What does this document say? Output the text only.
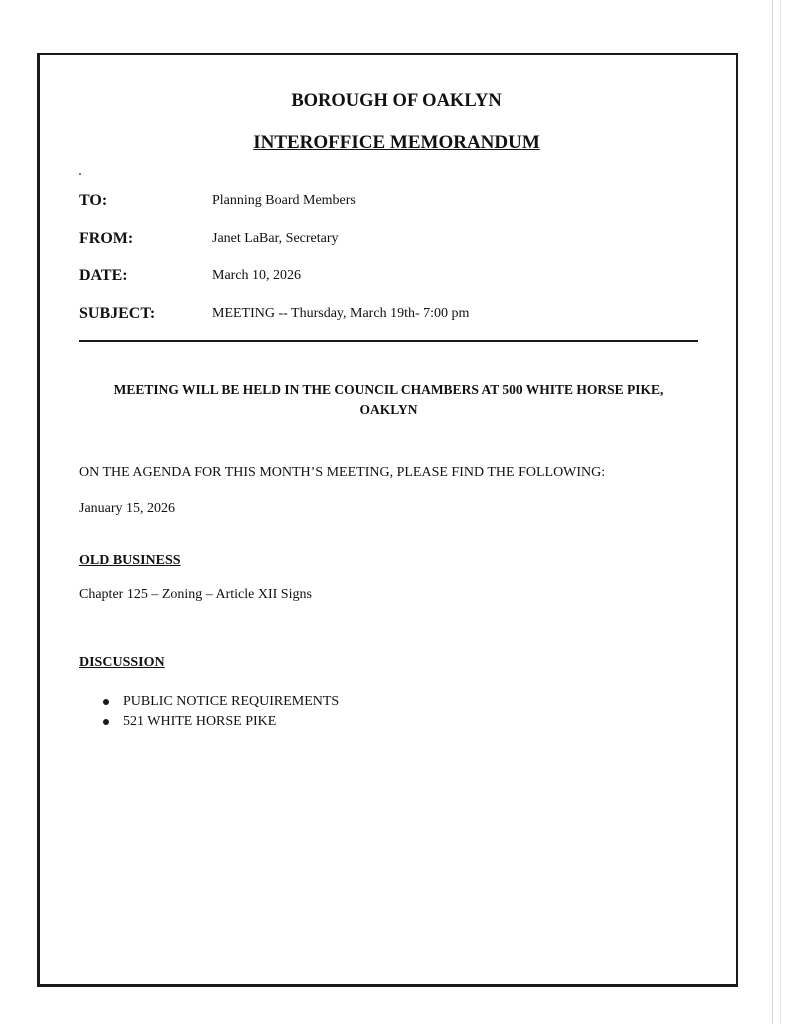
BOROUGH OF OAKLYN
INTEROFFICE MEMORANDUM
TO:	Planning Board Members
FROM:	Janet LaBar, Secretary
DATE:	March 10, 2026
SUBJECT:	MEETING -- Thursday, March 19th- 7:00 pm
MEETING WILL BE HELD IN THE COUNCIL CHAMBERS AT 500 WHITE HORSE PIKE,
OAKLYN
ON THE AGENDA FOR THIS MONTH’S MEETING, PLEASE FIND THE FOLLOWING:
January 15, 2026
OLD BUSINESS
Chapter 125 – Zoning – Article XII Signs
DISCUSSION
PUBLIC NOTICE REQUIREMENTS
521 WHITE HORSE PIKE
